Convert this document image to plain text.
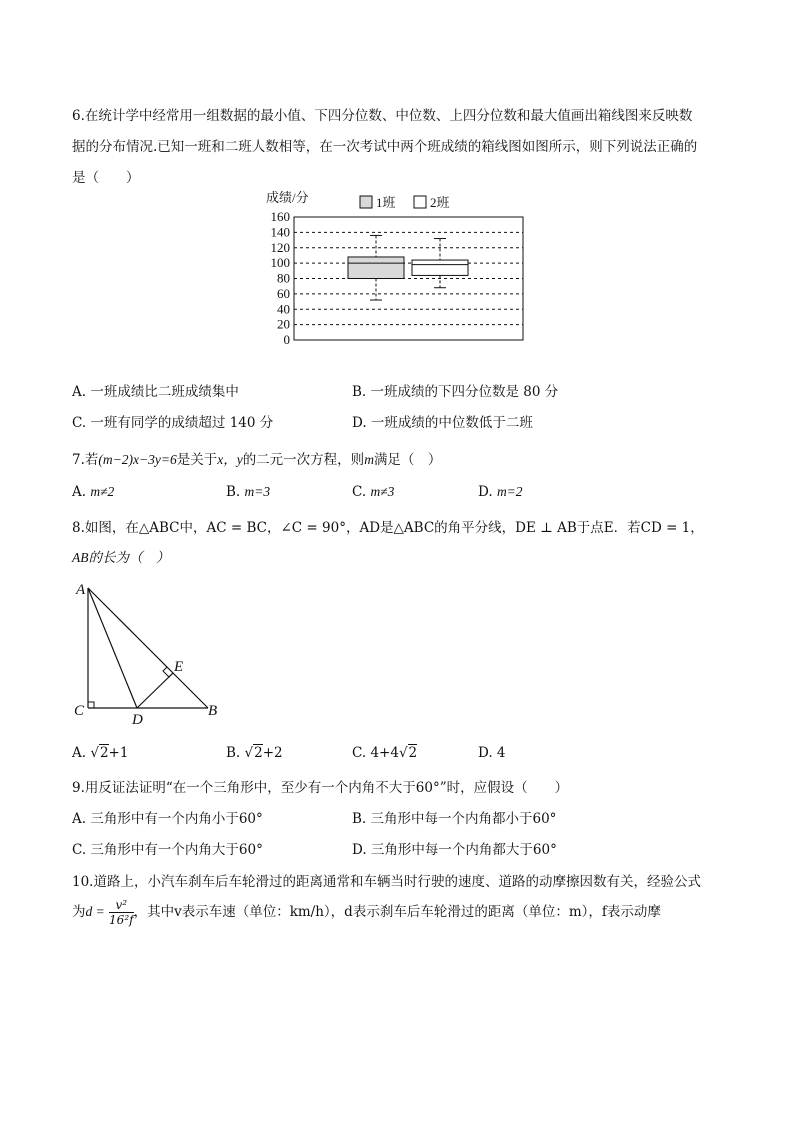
6.在统计学中经常用一组数据的最小值、下四分位数、中位数、上四分位数和最大值画出箱线图来反映数
据的分布情况.已知一班和二班人数相等，在一次考试中两个班成绩的箱线图如图所示，则下列说法正确的
是（　　）
成绩/分	1班	2班
0
20
40
60
80
100
120
140
160
A. 一班成绩比二班成绩集中	B. 一班成绩的下四分位数是 80 分
C. 一班有同学的成绩超过 140 分	D. 一班成绩的中位数低于二班
7.若(m−2)x−3y=6是关于x，y的二元一次方程，则m满足（　）
A. m≠2	B. m=3	C. m≠3	D. m=2
8.如图，在△ABC中，AC = BC，∠C = 90°，AD是△ABC的角平分线，DE ⊥ AB于点E．若CD = 1，
AB的长为（　）
A
C
D
B
E
A. √2+1	B. √2+2	C. 4+4√2	D. 4
9.用反证法证明“在一个三角形中，至少有一个内角不大于60°”时，应假设（　　）
A. 三角形中有一个内角小于60°	B. 三角形中每一个内角都小于60°
C. 三角形中有一个内角大于60°	D. 三角形中每一个内角都大于60°
10.道路上，小汽车刹车后车轮滑过的距离通常和车辆当时行驶的速度、道路的动摩擦因数有关，经验公式
为$d = \frac{\text{v²}}{\text{16²f}}$ ，其中v表示车速（单位：km/h），d表示刹车后车轮滑过的距离（单位：m），f表示动摩
